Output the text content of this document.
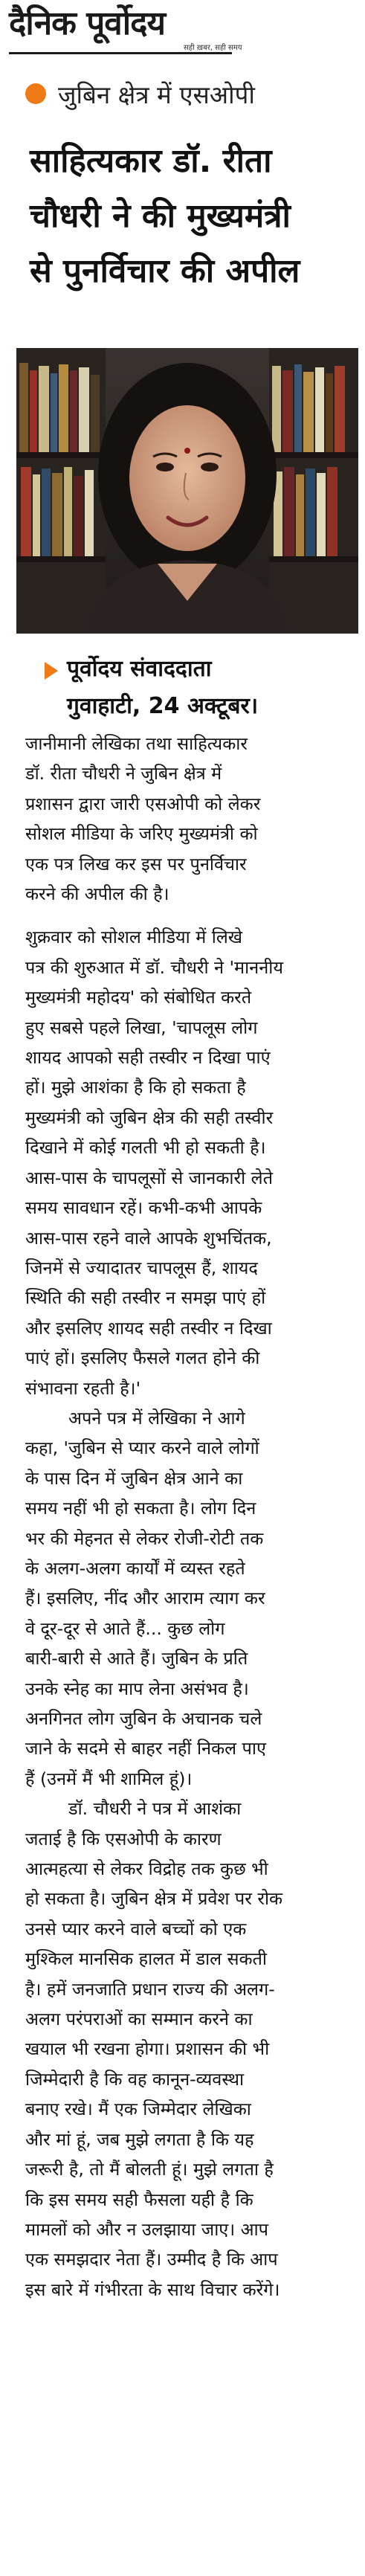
दैनिक पूर्वोदय
सही ख़बर, सही समय
जुबिन क्षेत्र में एसओपी
साहित्यकार डॉ. रीता
चौधरी ने की मुख्यमंत्री
से पुनर्विचार की अपील
पूर्वोदय संवाददाता
गुवाहाटी, 24 अक्टूबर।
जानीमानी लेखिका तथा साहित्यकार
डॉ. रीता चौधरी ने जुबिन क्षेत्र में
प्रशासन द्वारा जारी एसओपी को लेकर
सोशल मीडिया के जरिए मुख्यमंत्री को
एक पत्र लिख कर इस पर पुनर्विचार
करने की अपील की है।
शुक्रवार को सोशल मीडिया में लिखे
पत्र की शुरुआत में डॉ. चौधरी ने 'माननीय
मुख्यमंत्री महोदय' को संबोधित करते
हुए सबसे पहले लिखा, 'चापलूस लोग
शायद आपको सही तस्वीर न दिखा पाएं
हों। मुझे आशंका है कि हो सकता है
मुख्यमंत्री को जुबिन क्षेत्र की सही तस्वीर
दिखाने में कोई गलती भी हो सकती है।
आस-पास के चापलूसों से जानकारी लेते
समय सावधान रहें। कभी-कभी आपके
आस-पास रहने वाले आपके शुभचिंतक,
जिनमें से ज्यादातर चापलूस हैं, शायद
स्थिति की सही तस्वीर न समझ पाएं हों
और इसलिए शायद सही तस्वीर न दिखा
पाएं हों। इसलिए फैसले गलत होने की
संभावना रहती है।'
अपने पत्र में लेखिका ने आगे
कहा, 'जुबिन से प्यार करने वाले लोगों
के पास दिन में जुबिन क्षेत्र आने का
समय नहीं भी हो सकता है। लोग दिन
भर की मेहनत से लेकर रोजी-रोटी तक
के अलग-अलग कार्यों में व्यस्त रहते
हैं। इसलिए, नींद और आराम त्याग कर
वे दूर-दूर से आते हैं... कुछ लोग
बारी-बारी से आते हैं। जुबिन के प्रति
उनके स्नेह का माप लेना असंभव है।
अनगिनत लोग जुबिन के अचानक चले
जाने के सदमे से बाहर नहीं निकल पाए
हैं (उनमें मैं भी शामिल हूं)।
डॉ. चौधरी ने पत्र में आशंका
जताई है कि एसओपी के कारण
आत्महत्या से लेकर विद्रोह तक कुछ भी
हो सकता है। जुबिन क्षेत्र में प्रवेश पर रोक
उनसे प्यार करने वाले बच्चों को एक
मुश्किल मानसिक हालत में डाल सकती
है। हमें जनजाति प्रधान राज्य की अलग-
अलग परंपराओं का सम्मान करने का
खयाल भी रखना होगा। प्रशासन की भी
जिम्मेदारी है कि वह कानून-व्यवस्था
बनाए रखे। मैं एक जिम्मेदार लेखिका
और मां हूं, जब मुझे लगता है कि यह
जरूरी है, तो मैं बोलती हूं। मुझे लगता है
कि इस समय सही फैसला यही है कि
मामलों को और न उलझाया जाए। आप
एक समझदार नेता हैं। उम्मीद है कि आप
इस बारे में गंभीरता के साथ विचार करेंगे।
